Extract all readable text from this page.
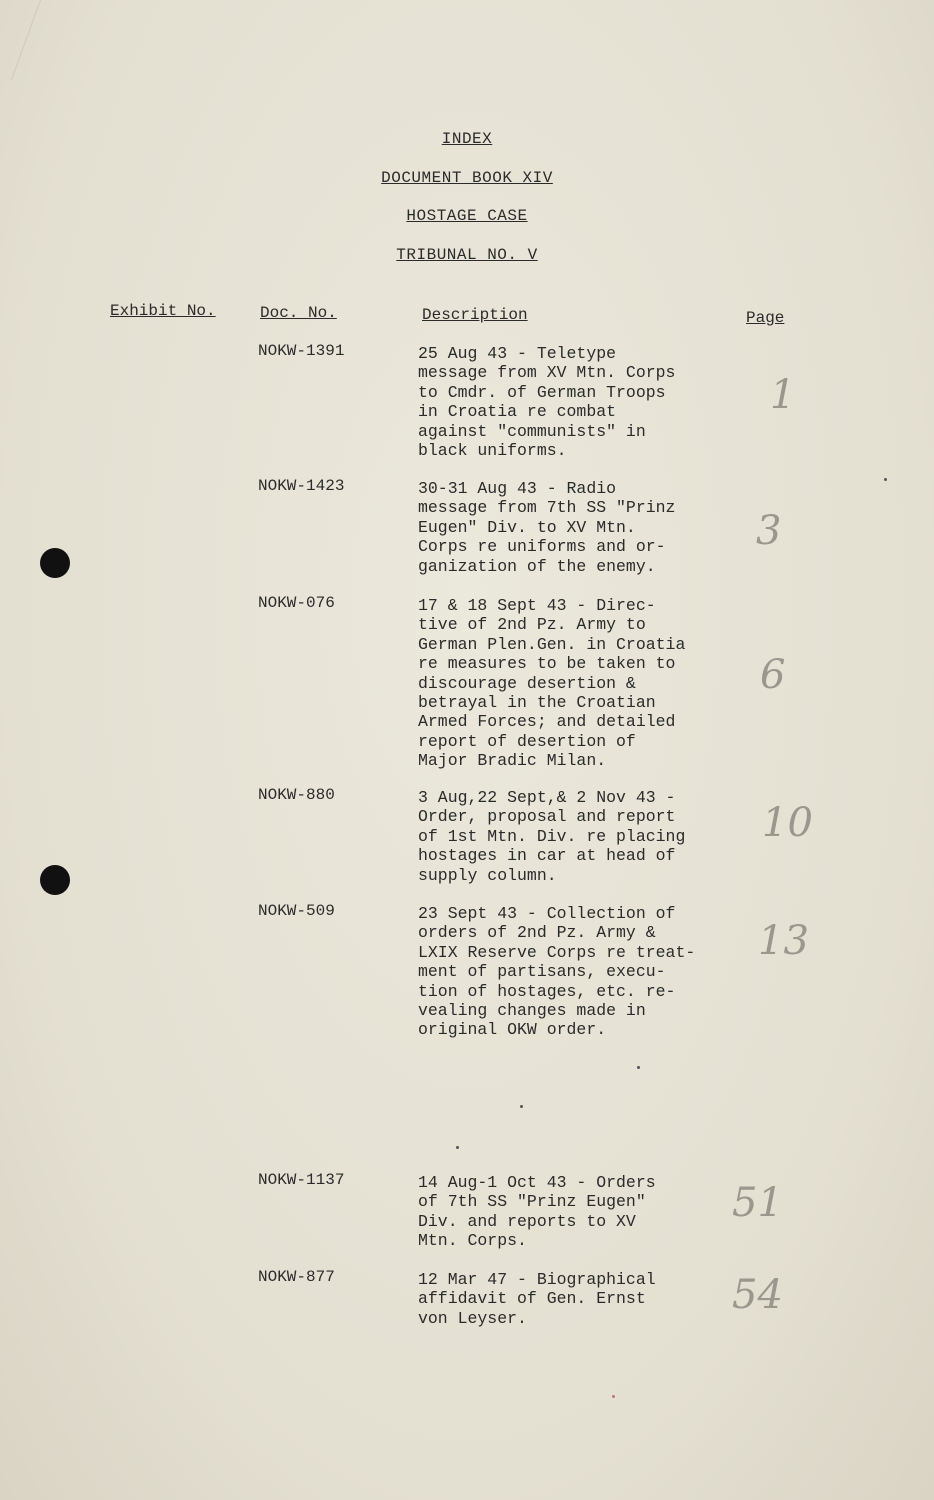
INDEX
DOCUMENT BOOK XIV
HOSTAGE CASE
TRIBUNAL NO. V
Exhibit No.	Doc. No.	Description	Page
NOKW-1391	25 Aug 43 - Teletype
message from XV Mtn. Corps
to Cmdr. of German Troops
in Croatia re combat
against "communists" in
black uniforms.
1
NOKW-1423	30-31 Aug 43 - Radio
message from 7th SS "Prinz
Eugen" Div. to XV Mtn.
Corps re uniforms and or-
ganization of the enemy.
3
NOKW-076	17 & 18 Sept 43 - Direc-
tive of 2nd Pz. Army to
German Plen.Gen. in Croatia
re measures to be taken to
discourage desertion &
betrayal in the Croatian
Armed Forces; and detailed
report of desertion of
Major Bradic Milan.
6
NOKW-880	3 Aug,22 Sept,& 2 Nov 43 -
Order, proposal and report
of 1st Mtn. Div. re placing
hostages in car at head of
supply column.
10
NOKW-509	23 Sept 43 - Collection of
orders of 2nd Pz. Army &
LXIX Reserve Corps re treat-
ment of partisans, execu-
tion of hostages, etc. re-
vealing changes made in
original OKW order.
13
NOKW-1137	14 Aug-1 Oct 43 - Orders
of 7th SS "Prinz Eugen"
Div. and reports to XV
Mtn. Corps.
51
NOKW-877	12 Mar 47 - Biographical
affidavit of Gen. Ernst
von Leyser.
54
